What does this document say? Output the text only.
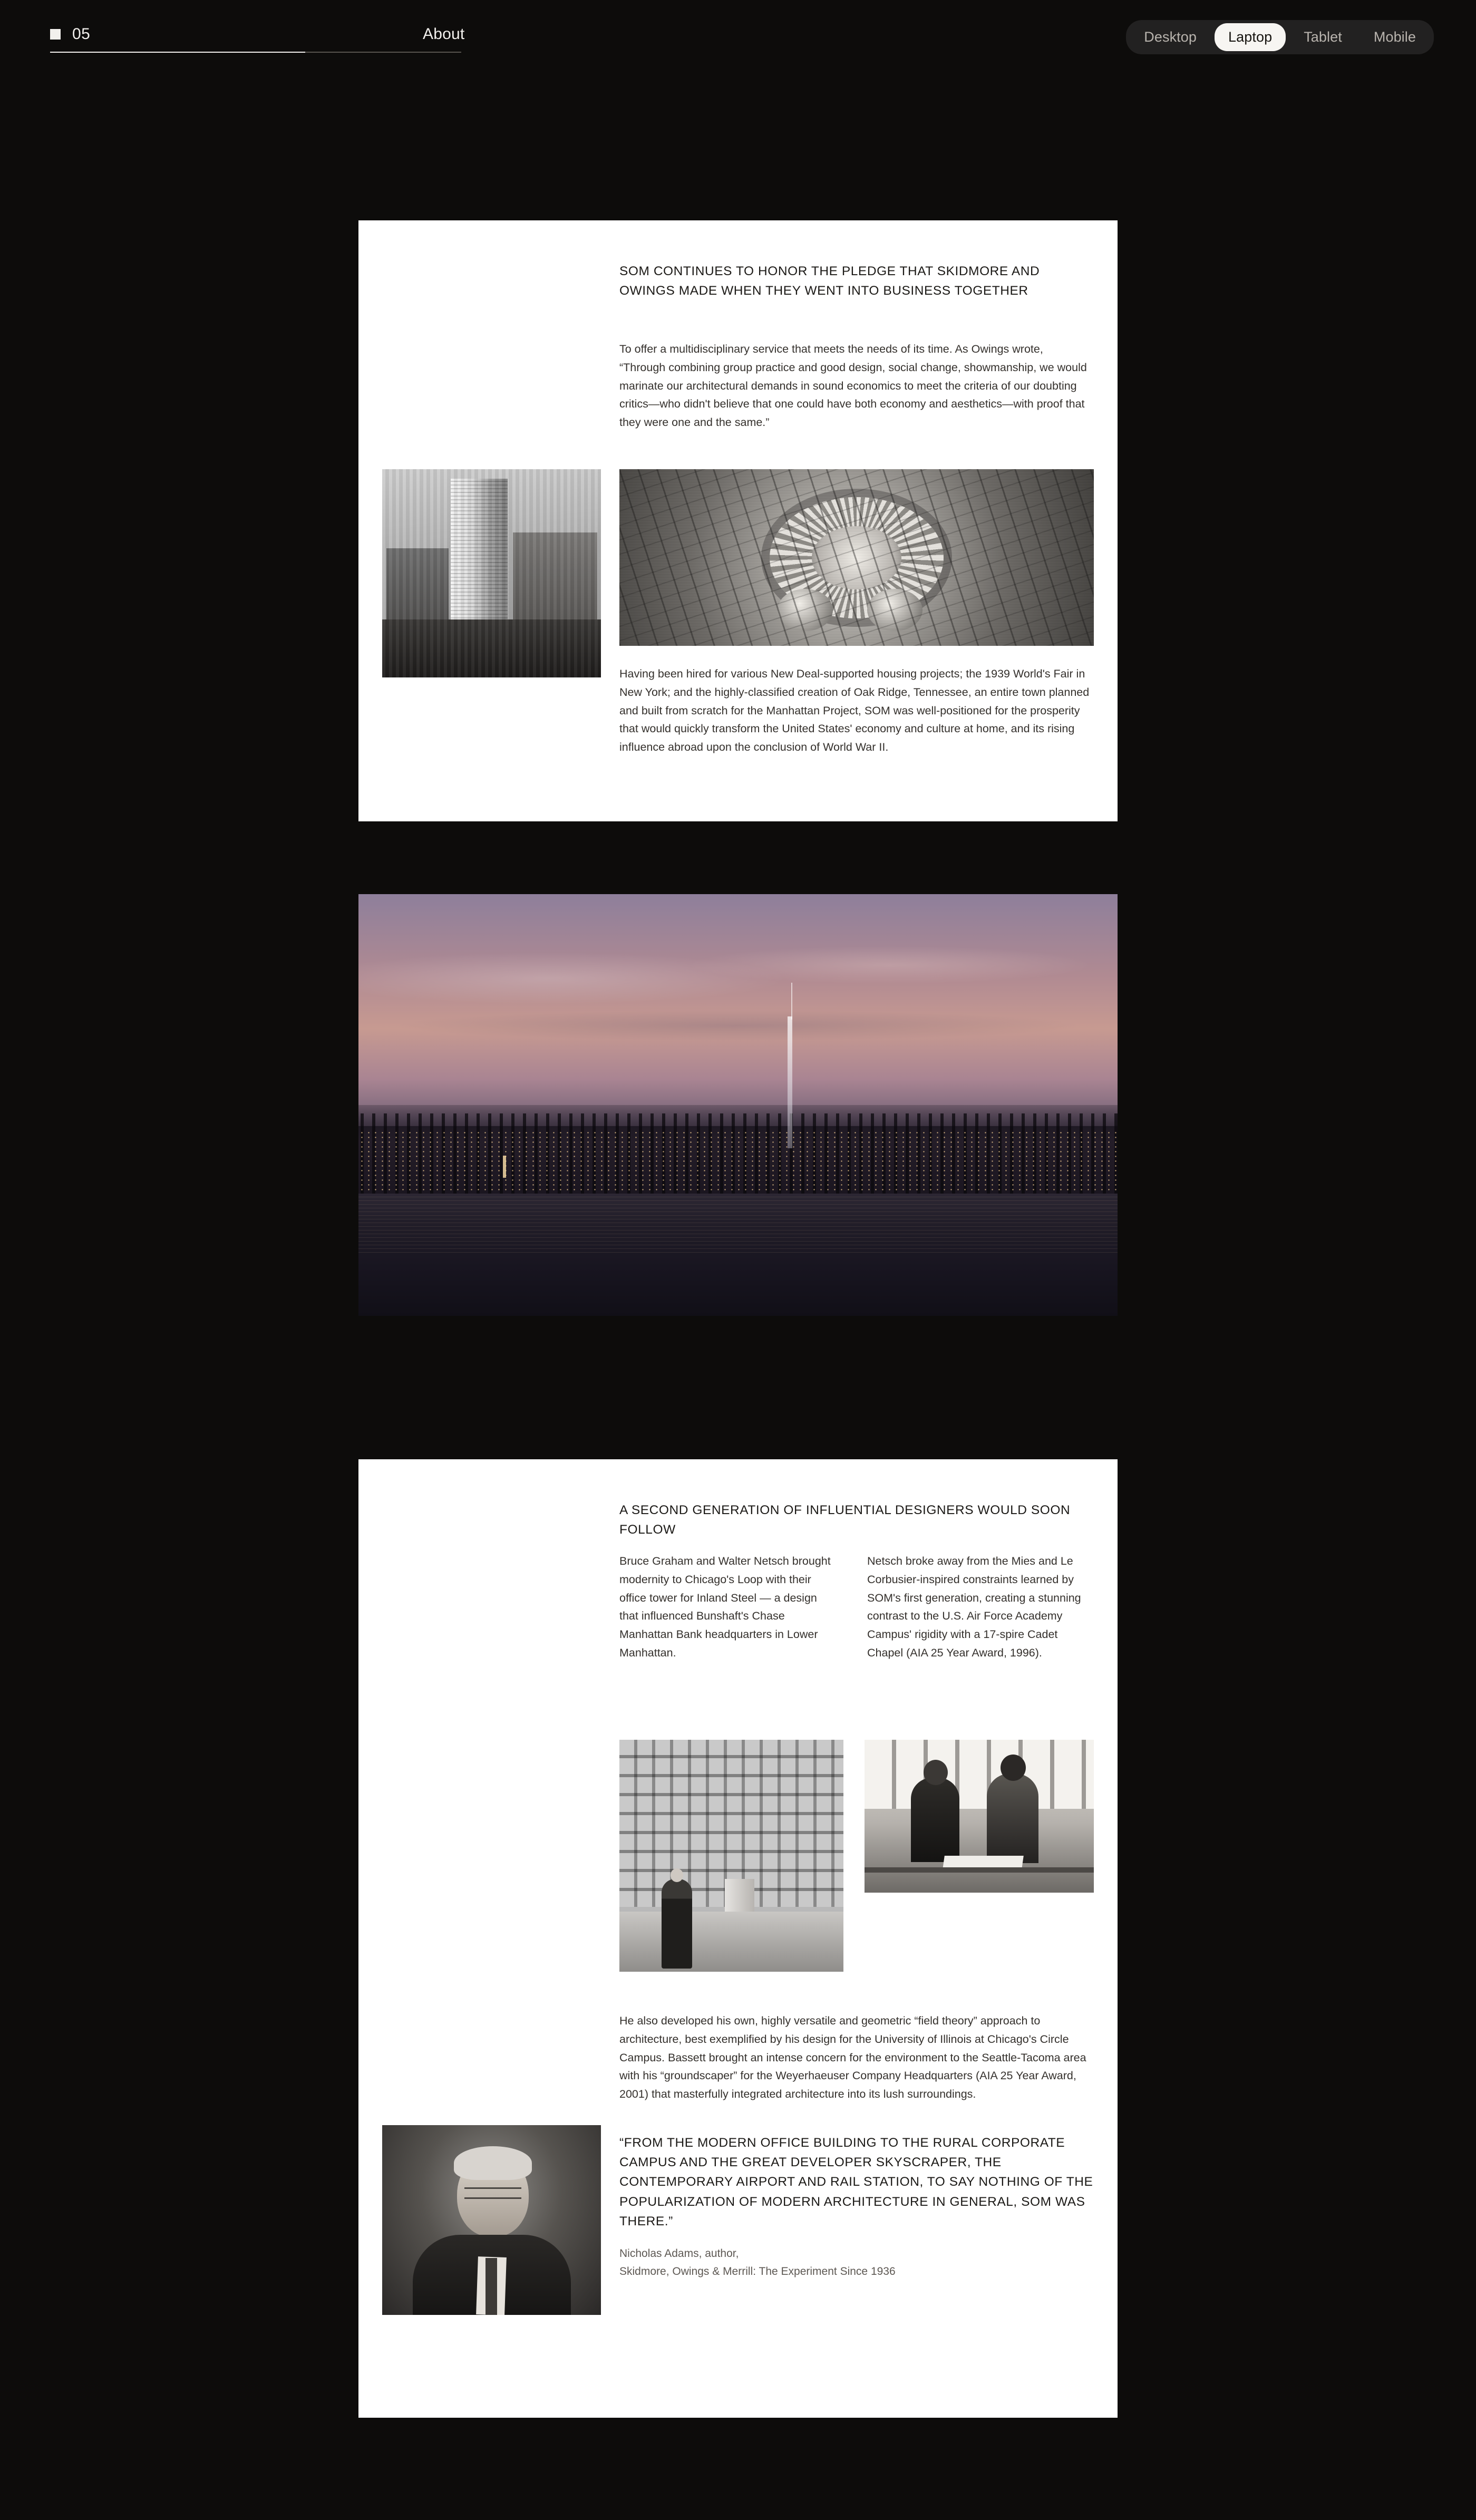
05	About	Desktop	Laptop	Tablet	Mobile
SOM CONTINUES TO HONOR THE PLEDGE THAT SKIDMORE AND OWINGS MADE WHEN THEY WENT INTO BUSINESS TOGETHER
To offer a multidisciplinary service that meets the needs of its time. As Owings wrote, “Through combining group practice and good design, social change, showmanship, we would marinate our architectural demands in sound economics to meet the criteria of our doubting critics—who didn't believe that one could have both economy and aesthetics—with proof that they were one and the same.”
Having been hired for various New Deal-supported housing projects; the 1939 World's Fair in New York; and the highly-classified creation of Oak Ridge, Tennessee, an entire town planned and built from scratch for the Manhattan Project, SOM was well-positioned for the prosperity that would quickly transform the United States' economy and culture at home, and its rising influence abroad upon the conclusion of World War II.
A SECOND GENERATION OF INFLUENTIAL DESIGNERS WOULD SOON FOLLOW
Bruce Graham and Walter Netsch brought modernity to Chicago's Loop with their office tower for Inland Steel — a design that influenced Bunshaft's Chase Manhattan Bank headquarters in Lower Manhattan.
Netsch broke away from the Mies and Le Corbusier-inspired constraints learned by SOM's first generation, creating a stunning contrast to the U.S. Air Force Academy Campus' rigidity with a 17-spire Cadet Chapel (AIA 25 Year Award, 1996).
He also developed his own, highly versatile and geometric “field theory” approach to architecture, best exemplified by his design for the University of Illinois at Chicago's Circle Campus. Bassett brought an intense concern for the environment to the Seattle-Tacoma area with his “groundscaper” for the Weyerhaeuser Company Headquarters (AIA 25 Year Award, 2001) that masterfully integrated architecture into its lush surroundings.
“FROM THE MODERN OFFICE BUILDING TO THE RURAL CORPORATE CAMPUS AND THE GREAT DEVELOPER SKYSCRAPER, THE CONTEMPORARY AIRPORT AND RAIL STATION, TO SAY NOTHING OF THE POPULARIZATION OF MODERN ARCHITECTURE IN GENERAL, SOM WAS THERE.”
Nicholas Adams, author,
Skidmore, Owings & Merrill: The Experiment Since 1936
